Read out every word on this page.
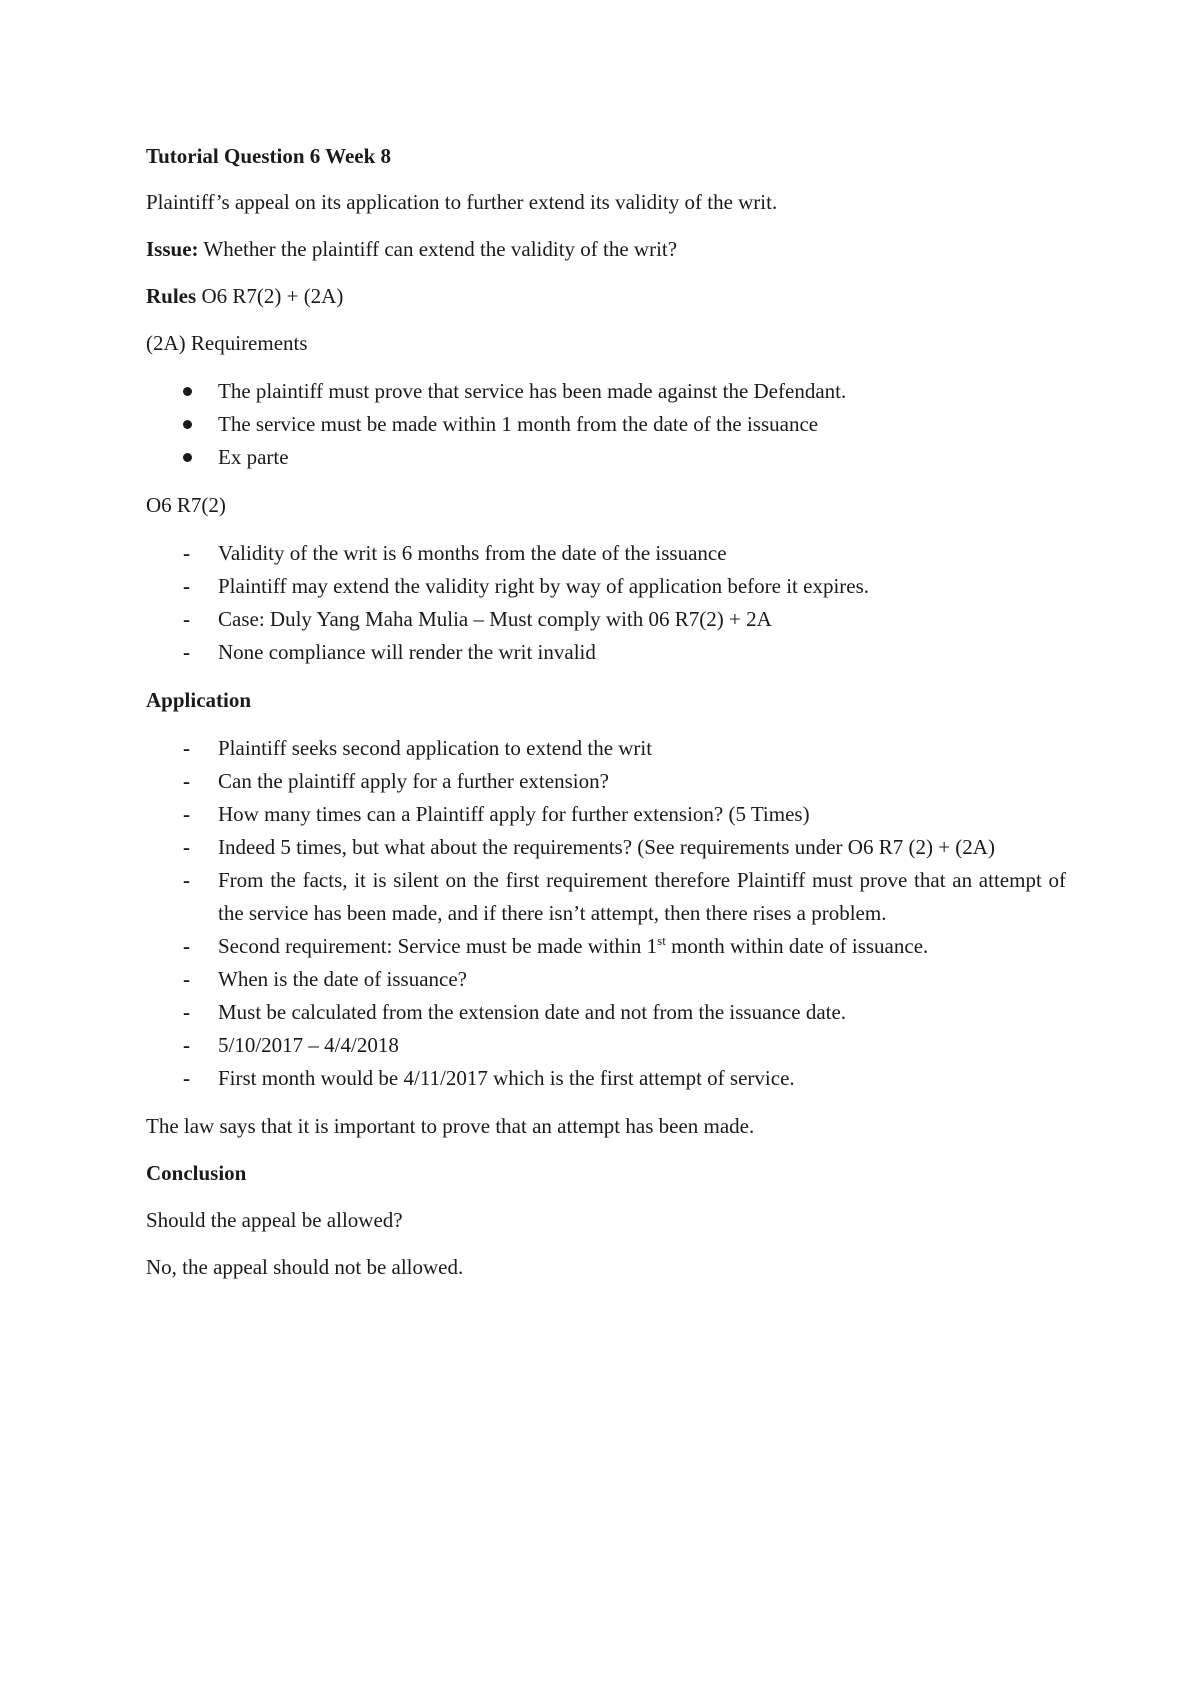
Tutorial Question 6 Week 8

Plaintiff’s appeal on its application to further extend its validity of the writ.

Issue: Whether the plaintiff can extend the validity of the writ?

Rules O6 R7(2) + (2A)

(2A) Requirements

The plaintiff must prove that service has been made against the Defendant.
The service must be made within 1 month from the date of the issuance
Ex parte

O6 R7(2)

- Validity of the writ is 6 months from the date of the issuance
- Plaintiff may extend the validity right by way of application before it expires.
- Case: Duly Yang Maha Mulia – Must comply with 06 R7(2) + 2A
- None compliance will render the writ invalid

Application

- Plaintiff seeks second application to extend the writ
- Can the plaintiff apply for a further extension?
- How many times can a Plaintiff apply for further extension? (5 Times)
- Indeed 5 times, but what about the requirements? (See requirements under O6 R7 (2) + (2A)
- From the facts, it is silent on the first requirement therefore Plaintiff must prove that an attempt of the service has been made, and if there isn’t attempt, then there rises a problem.
- Second requirement: Service must be made within 1st month within date of issuance.
- When is the date of issuance?
- Must be calculated from the extension date and not from the issuance date.
- 5/10/2017 – 4/4/2018
- First month would be 4/11/2017 which is the first attempt of service.

The law says that it is important to prove that an attempt has been made.

Conclusion

Should the appeal be allowed?

No, the appeal should not be allowed.
